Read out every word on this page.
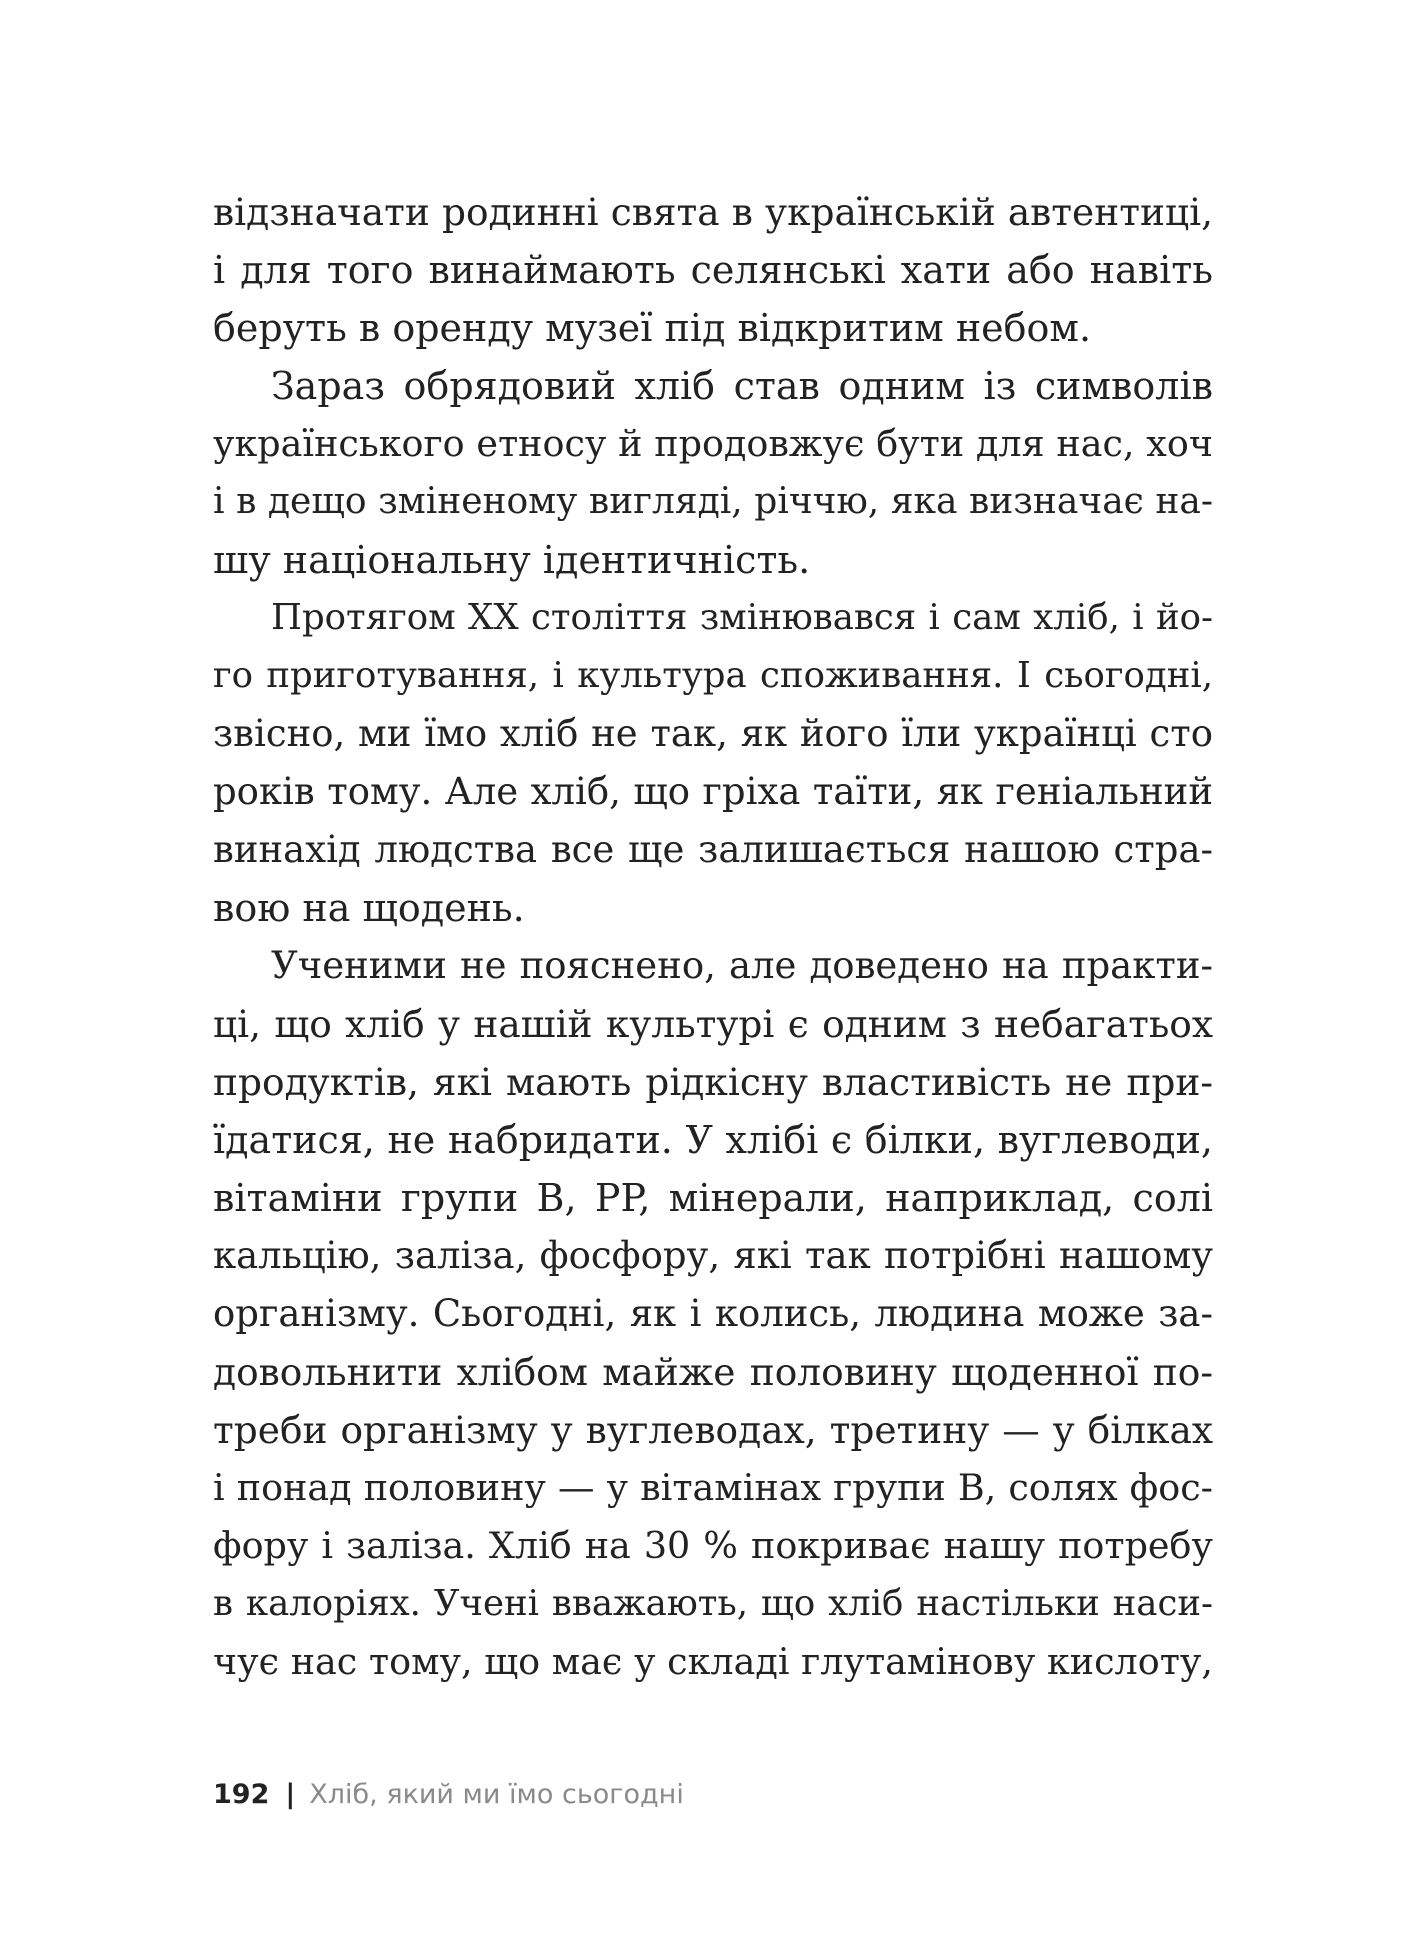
відзначати родинні свята в українській автентиці,
і для того винаймають селянські хати або навіть
беруть в оренду музеї під відкритим небом.
Зараз обрядовий хліб став одним із символів
українського етносу й продовжує бути для нас, хоч
і в дещо зміненому вигляді, річчю, яка визначає на-
шу національну ідентичність.
Протягом XX століття змінювався і сам хліб, і йо-
го приготування, і культура споживання. І сьогодні,
звісно, ми їмо хліб не так, як його їли українці сто
років тому. Але хліб, що гріха таїти, як геніальний
винахід людства все ще залишається нашою стра-
вою на щодень.
Ученими не пояснено, але доведено на практи-
ці, що хліб у нашій культурі є одним з небагатьох
продуктів, які мають рідкісну властивість не при-
їдатися, не набридати. У хлібі є білки, вуглеводи,
вітаміни групи B, PP, мінерали, наприклад, солі
кальцію, заліза, фосфору, які так потрібні нашому
організму. Сьогодні, як і колись, людина може за-
довольнити хлібом майже половину щоденної по-
треби організму у вуглеводах, третину — у білках
і понад половину — у вітамінах групи B, солях фос-
фору і заліза. Хліб на 30 % покриває нашу потребу
в калоріях. Учені вважають, що хліб настільки наси-
чує нас тому, що має у складі глутамінову кислоту,
192 | Хліб, який ми їмо сьогодні
